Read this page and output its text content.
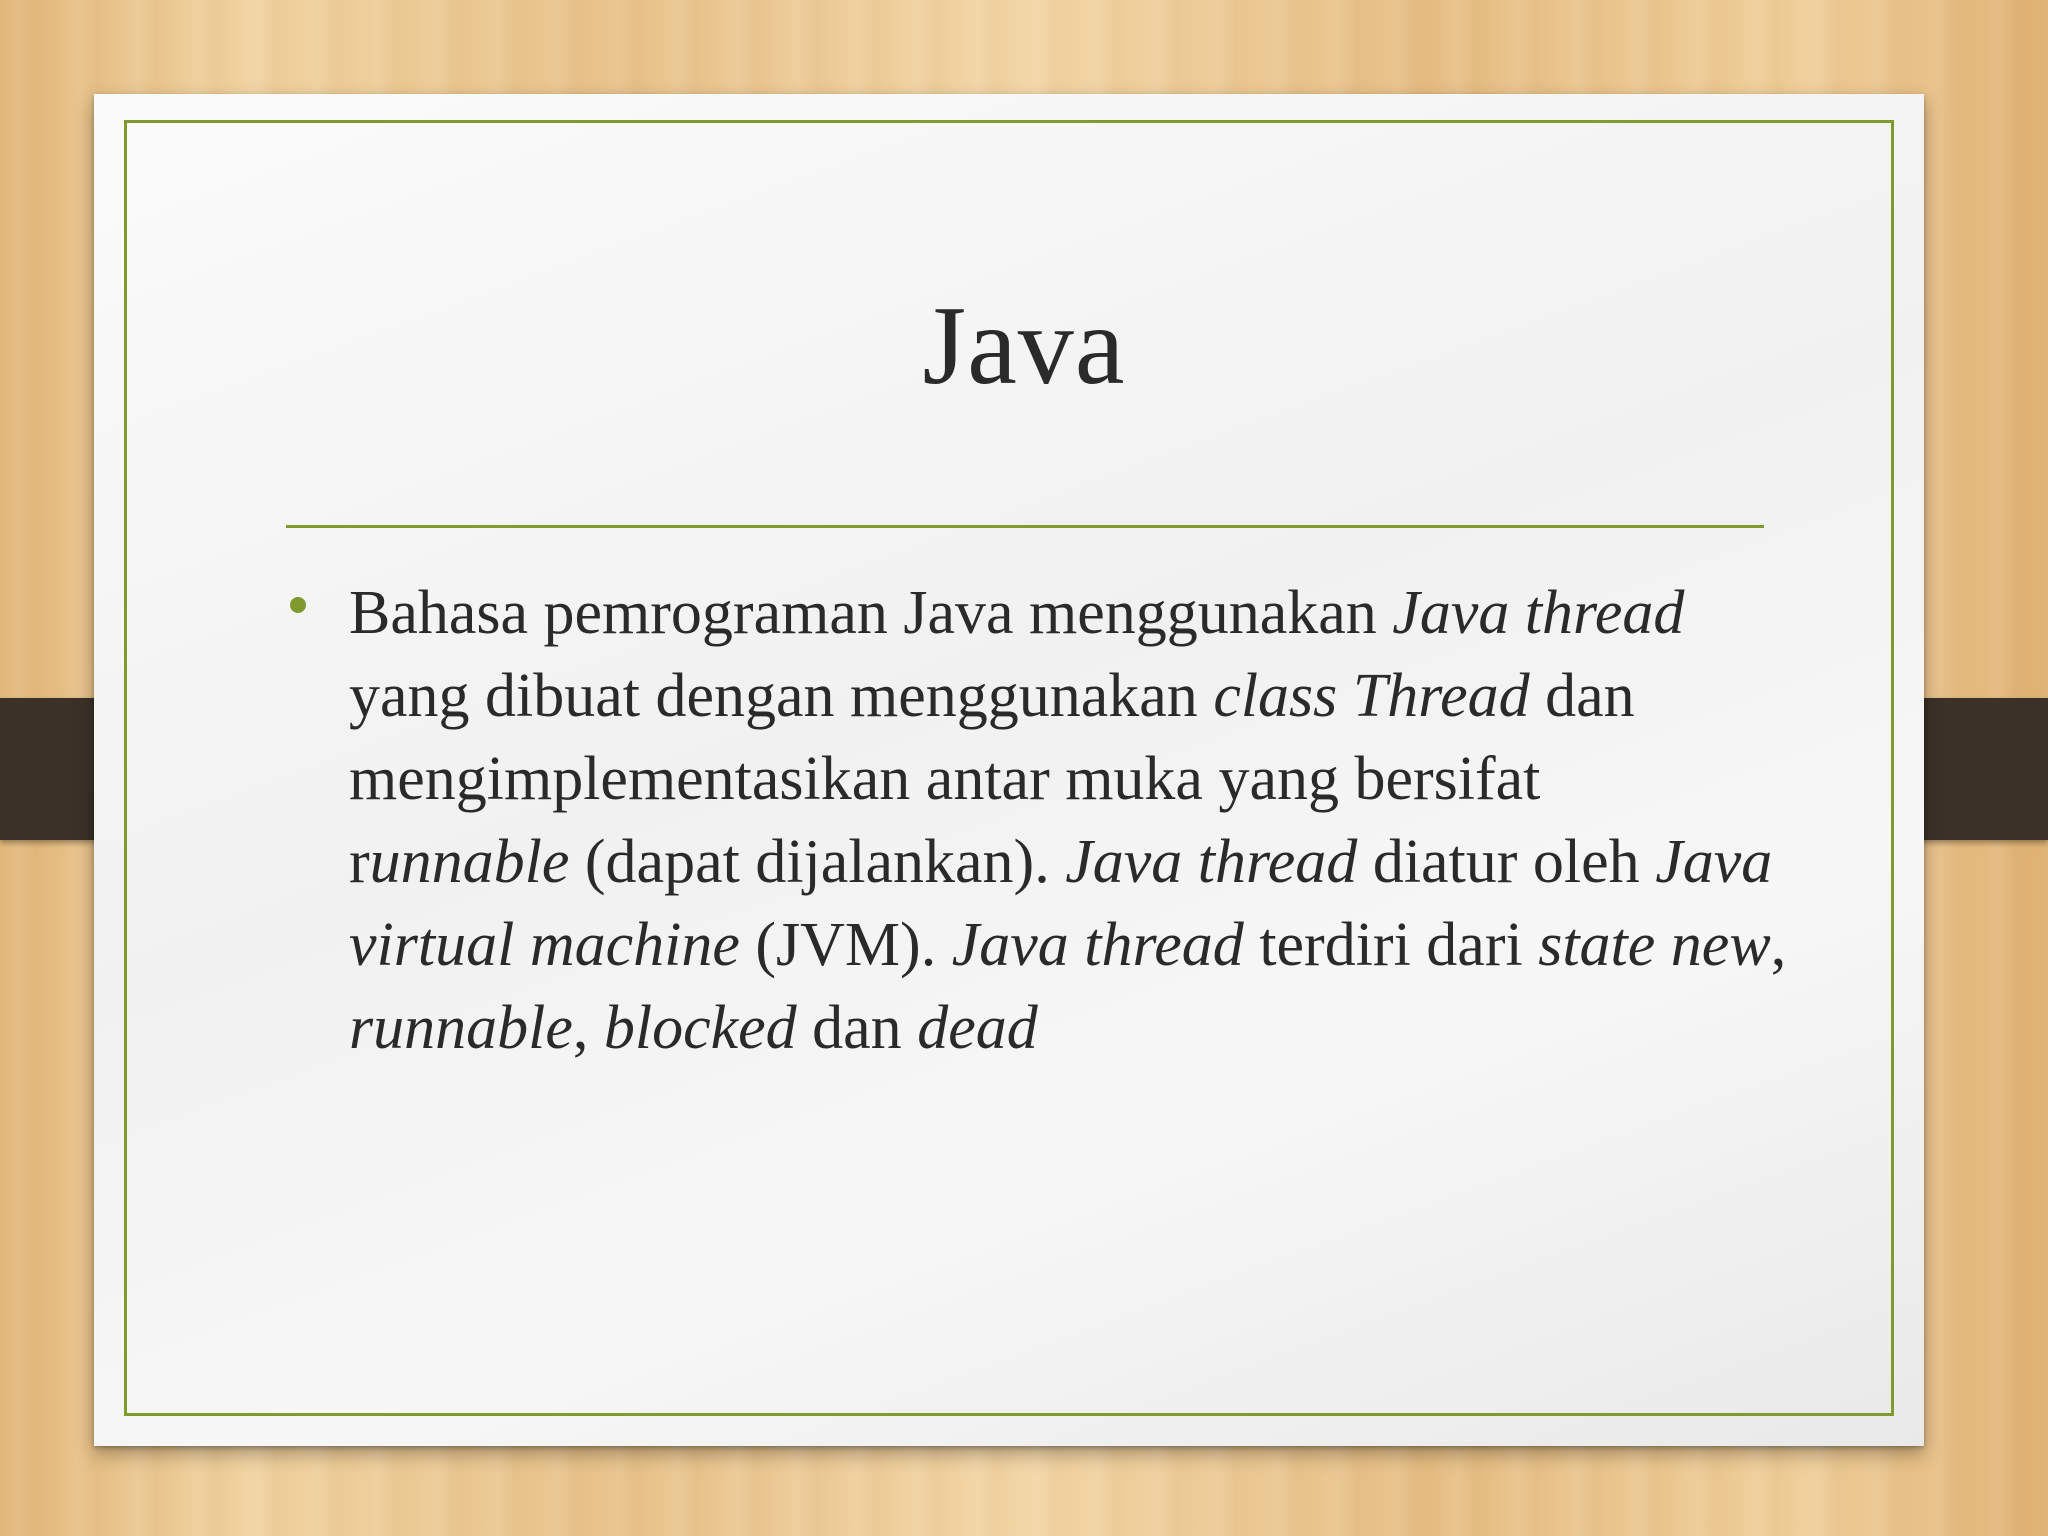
Java
Bahasa pemrograman Java menggunakan Java thread
yang dibuat dengan menggunakan class Thread dan
mengimplementasikan antar muka yang bersifat
runnable (dapat dijalankan). Java thread diatur oleh Java
virtual machine (JVM). Java thread terdiri dari state new,
runnable, blocked dan dead
